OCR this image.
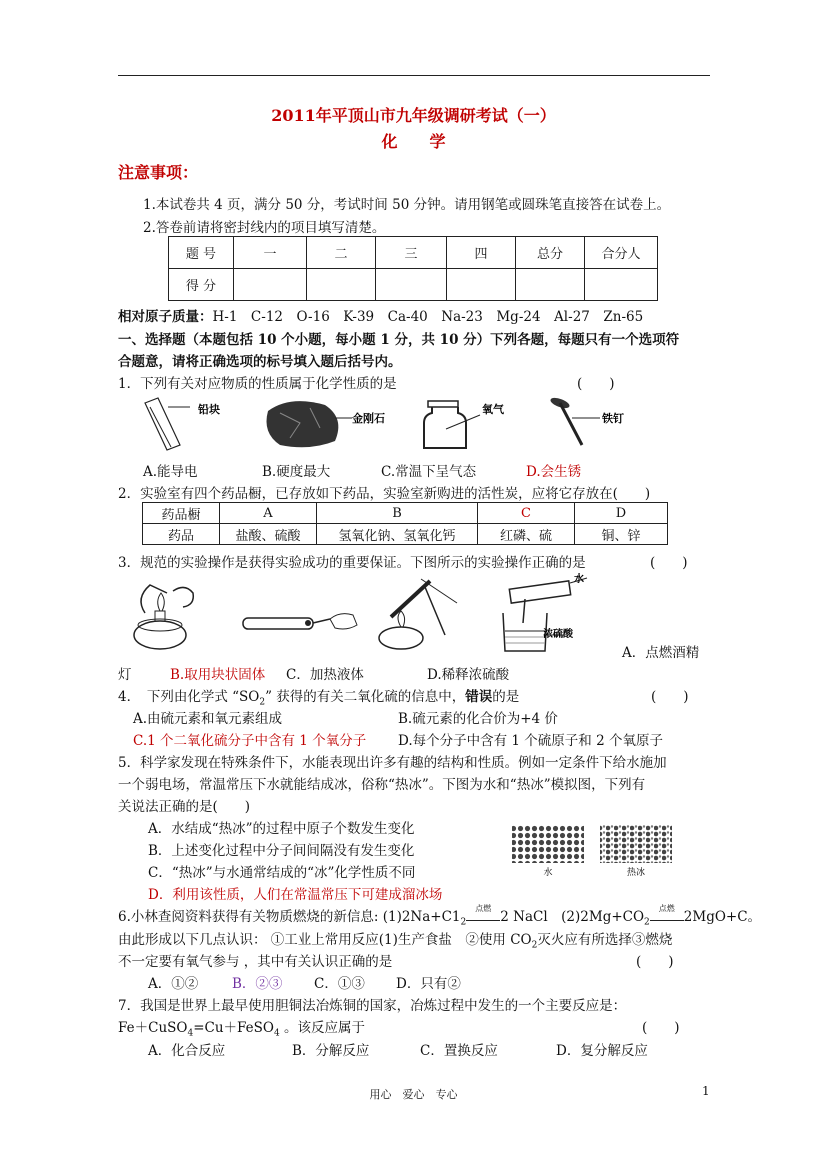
2011年平顶山市九年级调研考试（一）
化　　学
注意事项：
1.本试卷共 4 页，满分 50 分，考试时间 50 分钟。请用钢笔或圆珠笔直接答在试卷上。
2.答卷前请将密封线内的项目填写清楚。
题 号	一	二	三	四	总分	合分人
得 分						
相对原子质量：H-1　C-12　O-16　K-39　Ca-40　Na-23　Mg-24　Al-27　Zn-65
一、选择题（本题包括 10 个小题，每小题 1 分，共 10 分）下列各题，每题只有一个选项符
合题意，请将正确选项的标号填入题后括号内。
1．下列有关对应物质的性质属于化学性质的是	(　　)
铅块
金刚石
氧气
铁钉
A.能导电	B.硬度最大	C.常温下呈气态	D.会生锈
2．实验室有四个药品橱，已存放如下药品，实验室新购进的活性炭，应将它存放在(　　)
药品橱	A	B	C	D
药品	盐酸、硫酸	氢氧化钠、氢氧化钙	红磷、硫	铜、锌
3．规范的实验操作是获得实验成功的重要保证。下图所示的实验操作正确的是	(　　)
水
浓硫酸
A．点燃酒精
灯	B.取用块状固体 C．加热液体	D.稀释浓硫酸
4．　下列由化学式 “$SO_2$” 获得的有关二氧化硫的信息中，错误的是	(　　)
A.由硫元素和氧元素组成	B.硫元素的化合价为+4 价
C.1 个二氧化硫分子中含有 1 个氧分子 D.每个分子中含有 1 个硫原子和 2 个氧原子
5．科学家发现在特殊条件下，水能表现出许多有趣的结构和性质。例如一定条件下给水施加
一个弱电场，常温常压下水就能结成冰，俗称“热冰”。下图为水和“热冰”模拟图，下列有
关说法正确的是(　　)
A．水结成“热冰”的过程中原子个数发生变化
B．上述变化过程中分子间间隔没有发生变化
C．“热冰”与水通常结成的“冰”化学性质不同
D．利用该性质，人们在常温常压下可建成溜冰场
水	热冰
6.小林查阅资料获得有关物质燃烧的新信息: $(1)2Na+C1_2$
点燃
2 NaCl　$(2)2Mg+CO_2$
点燃
2MgO+C。
由此形成以下几点认识： ①工业上常用反应(1)生产食盐　②使用 $CO_2$灭火应有所选择③燃烧
不一定要有氧气参与 ，其中有关认识正确的是	(　　)
A．①②	B．②③ C．①③ D．只有②
7．我国是世界上最早使用胆铜法冶炼铜的国家，冶炼过程中发生的一个主要反应是：
Fe＋CuSO$_4$=Cu＋FeSO$_4$ 。该反应属于	(　　)
A．化合反应	B．分解反应	C．置换反应	D．复分解反应
用心　爱心　专心	1
